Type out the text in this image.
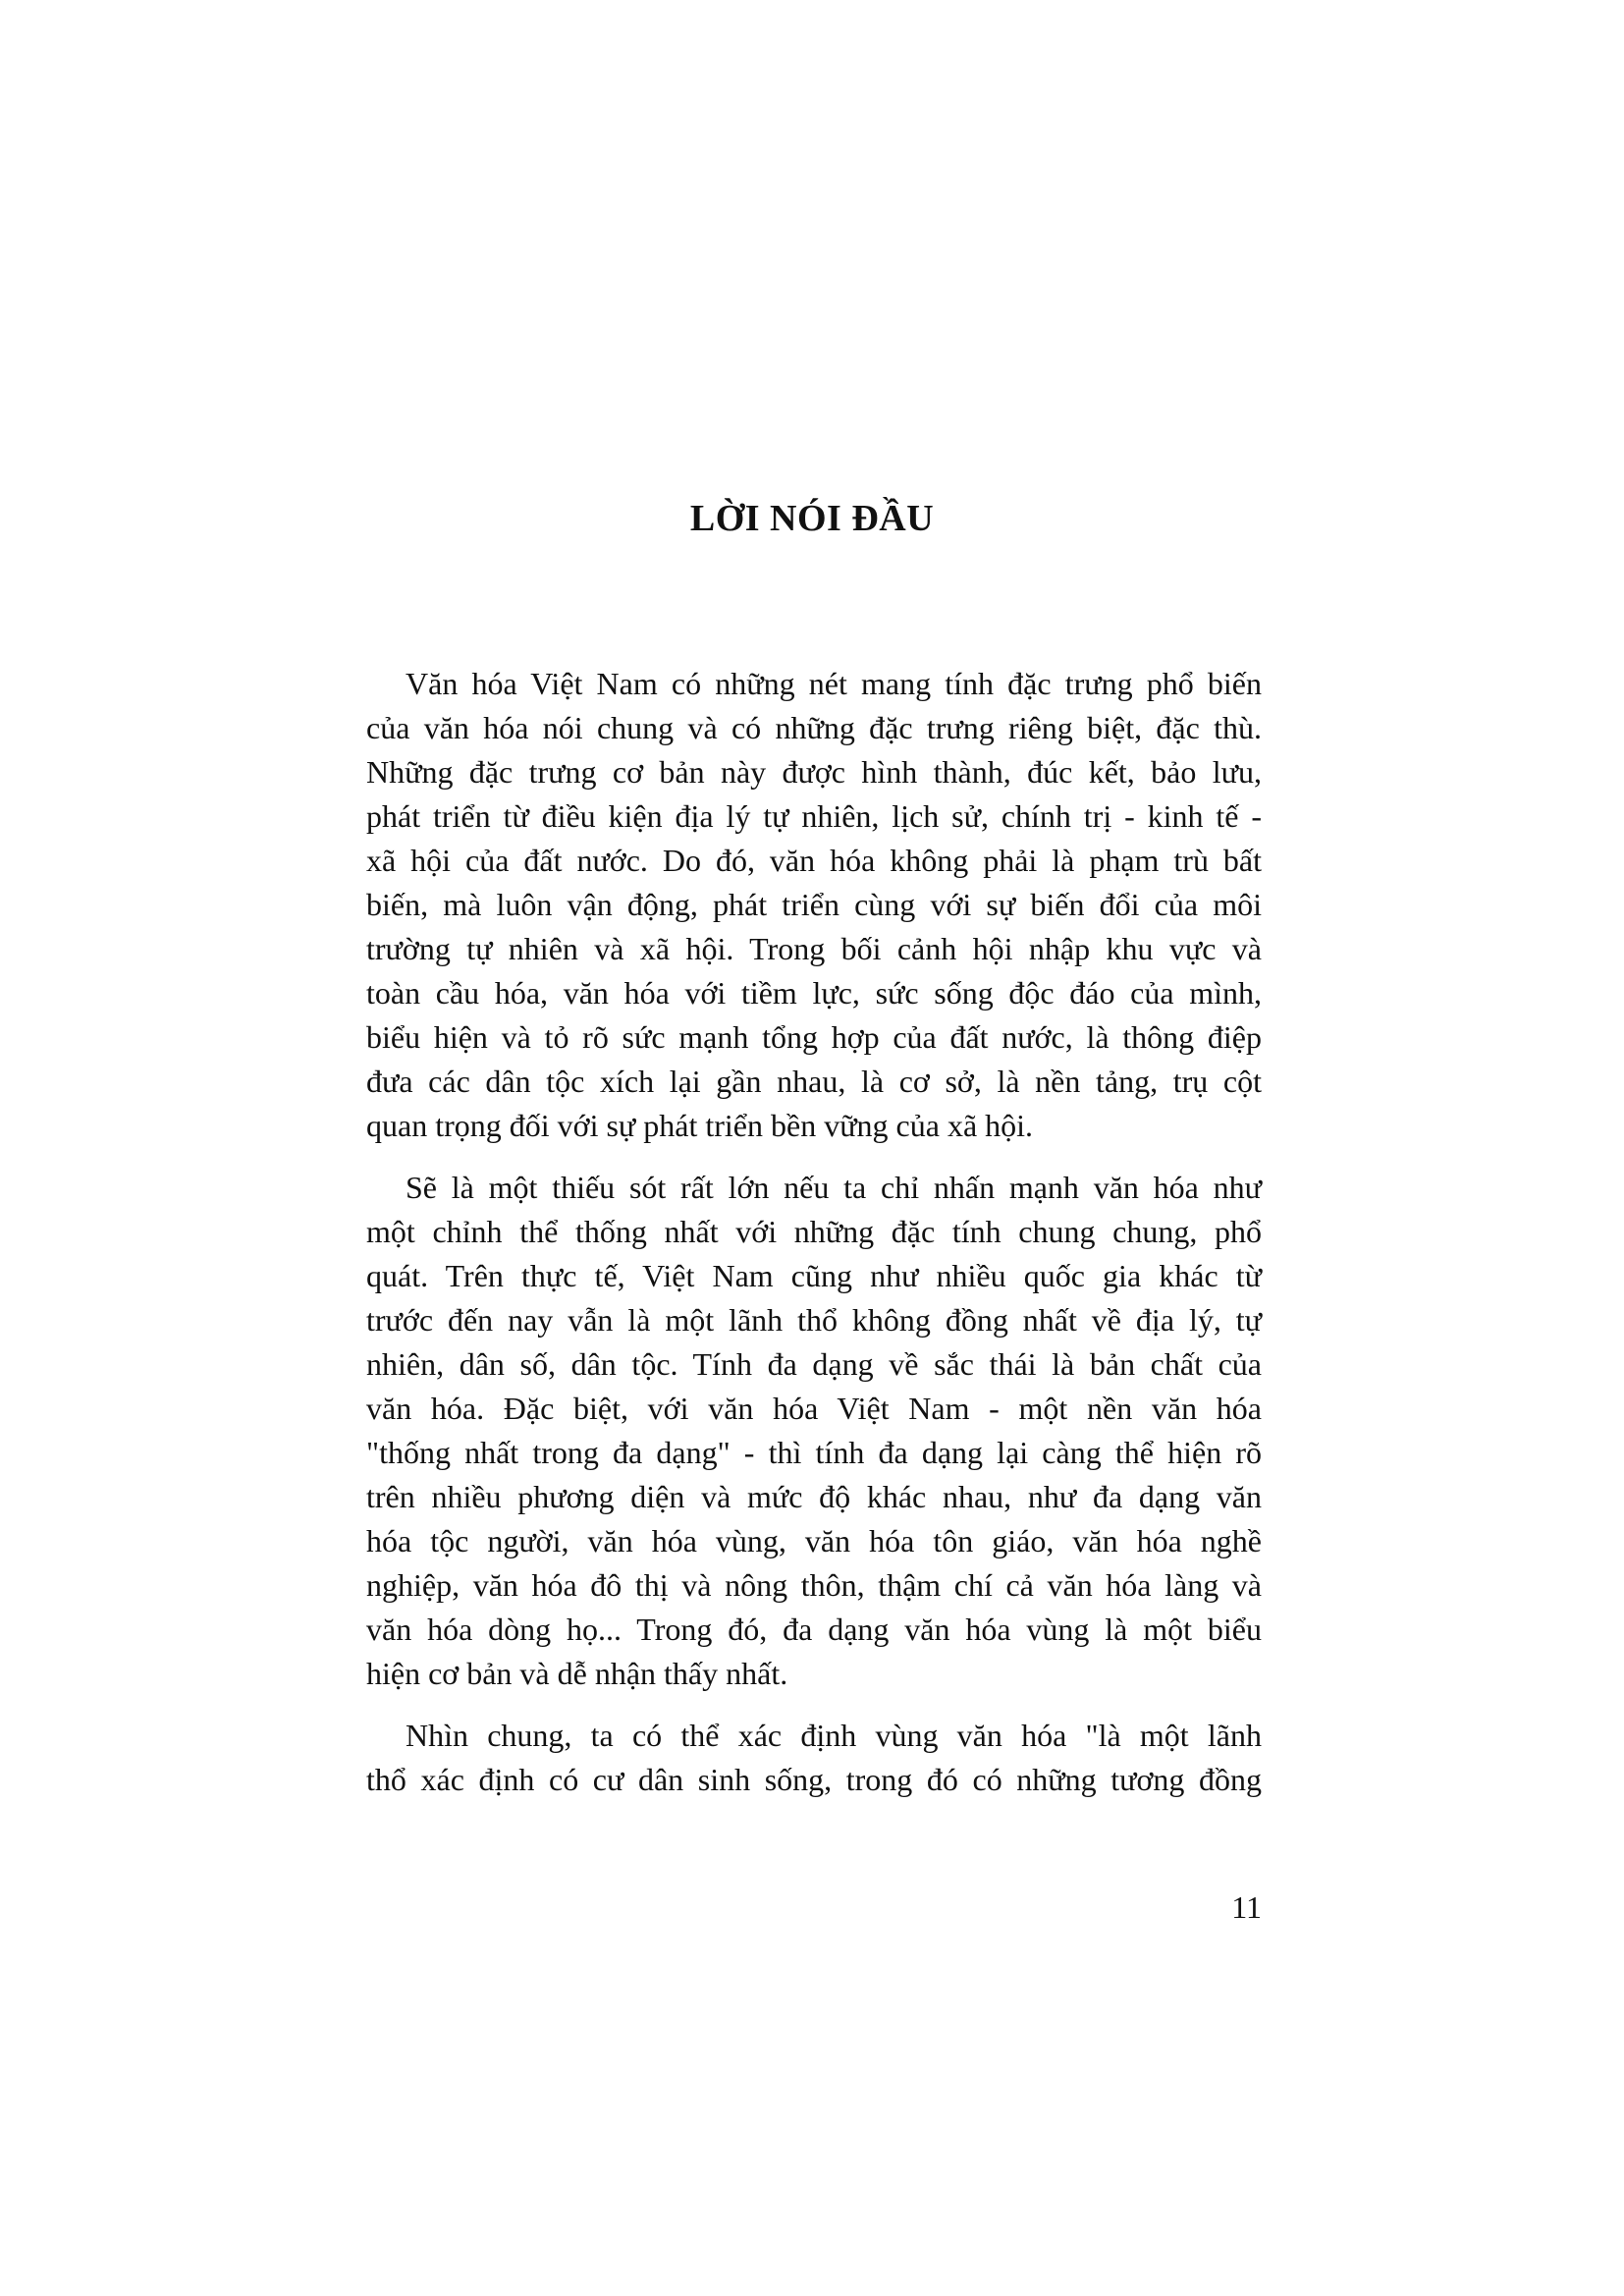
LỜI NÓI ĐẦU

Văn hóa Việt Nam có những nét mang tính đặc trưng phổ biến
của văn hóa nói chung và có những đặc trưng riêng biệt, đặc thù.
Những đặc trưng cơ bản này được hình thành, đúc kết, bảo lưu,
phát triển từ điều kiện địa lý tự nhiên, lịch sử, chính trị - kinh tế -
xã hội của đất nước. Do đó, văn hóa không phải là phạm trù bất
biến, mà luôn vận động, phát triển cùng với sự biến đổi của môi
trường tự nhiên và xã hội. Trong bối cảnh hội nhập khu vực và
toàn cầu hóa, văn hóa với tiềm lực, sức sống độc đáo của mình,
biểu hiện và tỏ rõ sức mạnh tổng hợp của đất nước, là thông điệp
đưa các dân tộc xích lại gần nhau, là cơ sở, là nền tảng, trụ cột
quan trọng đối với sự phát triển bền vững của xã hội.

Sẽ là một thiếu sót rất lớn nếu ta chỉ nhấn mạnh văn hóa như
một chỉnh thể thống nhất với những đặc tính chung chung, phổ
quát. Trên thực tế, Việt Nam cũng như nhiều quốc gia khác từ
trước đến nay vẫn là một lãnh thổ không đồng nhất về địa lý, tự
nhiên, dân số, dân tộc. Tính đa dạng về sắc thái là bản chất của
văn hóa. Đặc biệt, với văn hóa Việt Nam - một nền văn hóa
"thống nhất trong đa dạng" - thì tính đa dạng lại càng thể hiện rõ
trên nhiều phương diện và mức độ khác nhau, như đa dạng văn
hóa tộc người, văn hóa vùng, văn hóa tôn giáo, văn hóa nghề
nghiệp, văn hóa đô thị và nông thôn, thậm chí cả văn hóa làng và
văn hóa dòng họ... Trong đó, đa dạng văn hóa vùng là một biểu
hiện cơ bản và dễ nhận thấy nhất.

Nhìn chung, ta có thể xác định vùng văn hóa "là một lãnh
thổ xác định có cư dân sinh sống, trong đó có những tương đồng

11
